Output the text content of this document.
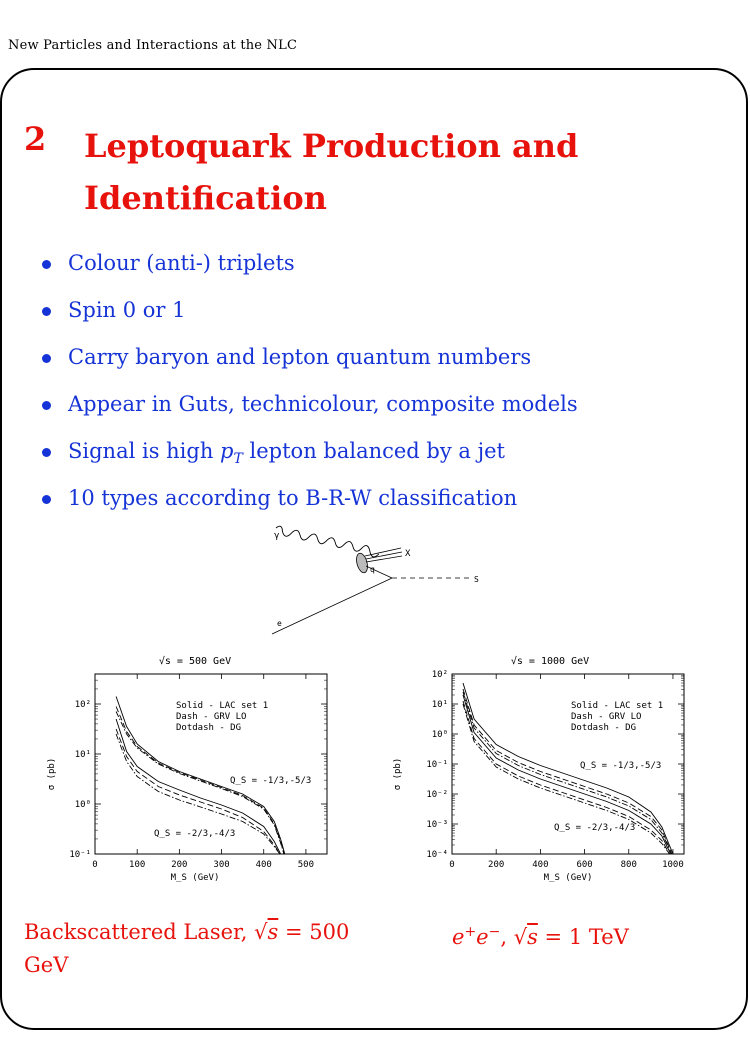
New Particles and Interactions at the NLC
2 Leptoquark Production and Identification
Colour (anti-) triplets
Spin 0 or 1
Carry baryon and lepton quantum numbers
Appear in Guts, technicolour, composite models
Signal is high $p_T$ lepton balanced by a jet
10 types according to B-R-W classification
γ
X
q
S
e
√s = 500 GeV
0	100	200	300	400	500
10⁻¹
10⁰
10¹
10²	Solid - LAC set 1
Dash - GRV LO
Dotdash - DG
Q_S = -1/3,-5/3
Q_S = -2/3,-4/3
M_S (GeV)
σ (pb)
√s = 1000 GeV
0	200	400	600	800	1000
10⁻⁴
10⁻³
10⁻²
10⁻¹
10⁰
10¹
10²
Solid - LAC set 1
Dash - GRV LO
Dotdash - DG
Q_S = -1/3,-5/3
Q_S = -2/3,-4/3
M_S (GeV)
σ (pb)
Backscattered Laser, √s = 500 GeV
e+e−, √s = 1 TeV
